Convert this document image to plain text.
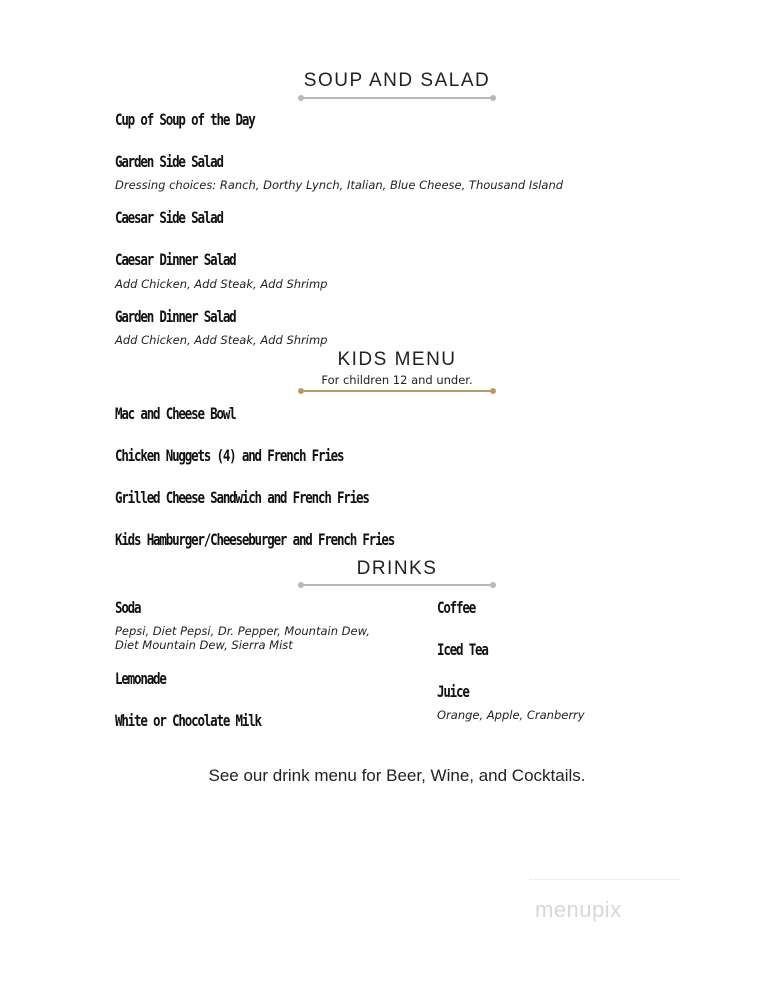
SOUP AND SALAD
Cup of Soup of the Day
Garden Side Salad
Dressing choices: Ranch, Dorthy Lynch, Italian, Blue Cheese, Thousand Island
Caesar Side Salad
Caesar Dinner Salad
Add Chicken, Add Steak, Add Shrimp
Garden Dinner Salad
Add Chicken, Add Steak, Add Shrimp
KIDS MENU
For children 12 and under.
Mac and Cheese Bowl
Chicken Nuggets (4) and French Fries
Grilled Cheese Sandwich and French Fries
Kids Hamburger/Cheeseburger and French Fries
DRINKS
Soda
Pepsi, Diet Pepsi, Dr. Pepper, Mountain Dew,
Diet Mountain Dew, Sierra Mist
Lemonade
White or Chocolate Milk
Coffee
Iced Tea
Juice
Orange, Apple, Cranberry
See our drink menu for Beer, Wine, and Cocktails.
menupix
